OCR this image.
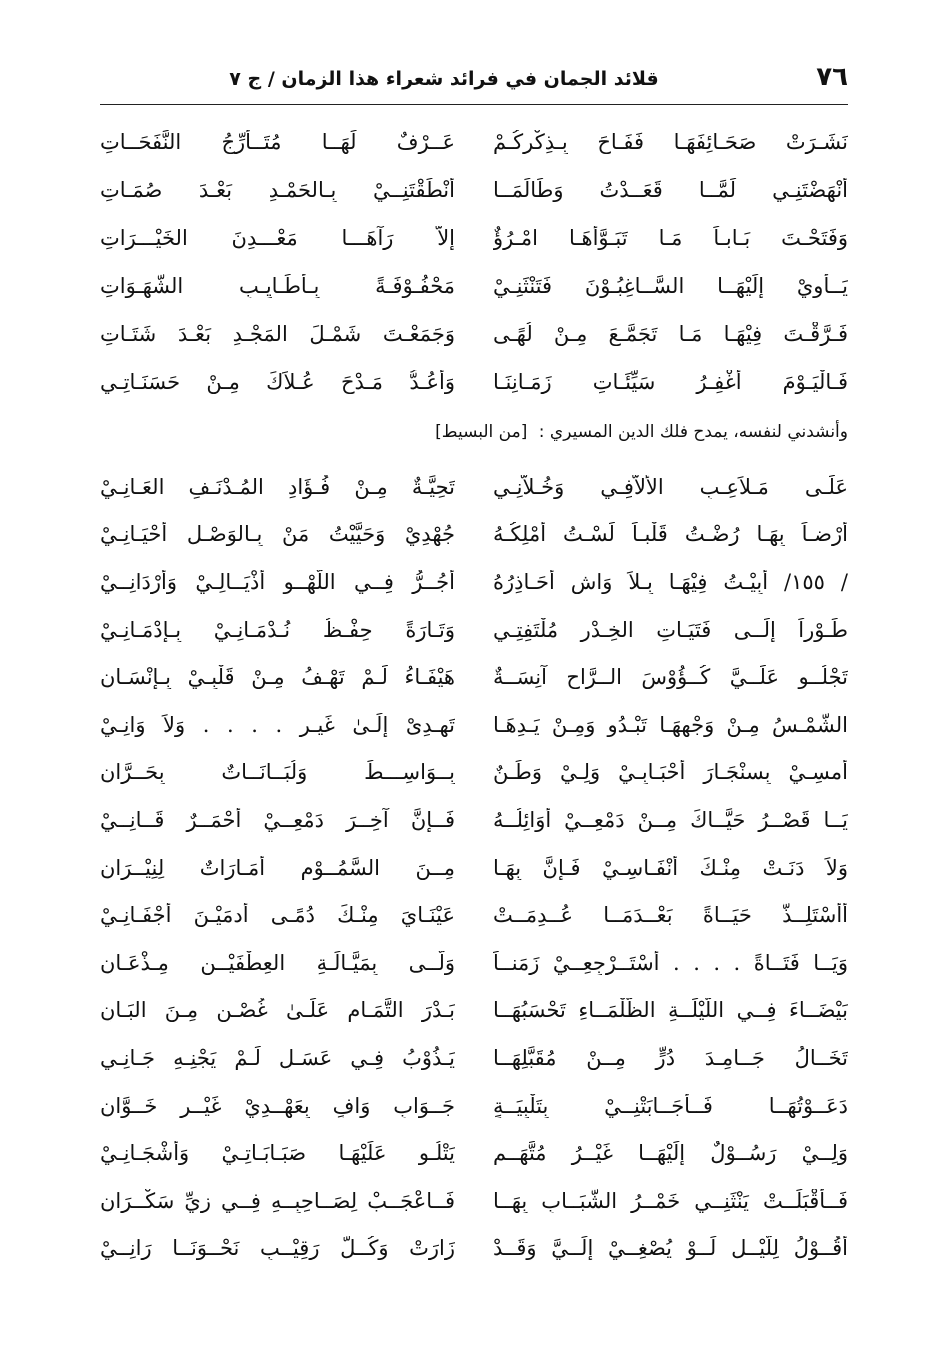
٧٦
قلائد الجمان في فرائد شعراء هذا الزمان / ج ٧
نَشَـرَتْ صَحَـائِفَهَـا فَفَـاحَ بِـذِكْرِكُـمْ
عَــرْفٌ لَهَــا مُتَــأَرِّجُ النَّفَحَــاتِ
أَنْهَضْتَنِـي لَمَّــا قَعَــدْتُ وَطَالَمَــا
أَنْطَقْتَنِــيْ بِـالحَمْـدِ بَعْـدَ صُمَـاتِ
وَفَتَحْـتَ بَـابـاً مَـا تَبَـوَّأَهَـا امْـرُؤٌ
إِلاَّ رَآهَـــا مَعْـــدِنَ الخَيْـــرَاتِ
يَــأوِيْ إِلَيْهَــا السَّــاغِبُـوْنَ فَتَنْثَنِـيْ
مَحْفُـوْفَـةً بِـأَطَـايِـبِ الشَّهَـوَاتِ
فَـرَّقْـتَ فِيْهَـا مَـا تَجَمَّـعَ مِـنْ لُهًـى
وَجَمَعْـتَ شَمْـلَ المَجْـدِ بَعْـدَ شَتَـاتِ
فَـالْيَـوْمَ أَغْفِـرُ سَيِّئَـاتِ زَمَـانِنَـا
وَأَعُـدُّ مَـدْحَ عُـلاَكَ مِـنْ حَسَنَـاتِـي
وأنشدني لنفسه، يمدح فلك الدين المسيري : [من البسيط]
عَلَـى مَـلاَعِـبِ الأُلاَّفِـي وَخُـلاَّنِـي
تَحِيَّـةٌ مِـنْ فُـؤَادِ المُـدْنَـفِ العَـانِـيْ
أَرْضـاً بِهَـا رُضْـتُ قَلْبـاً لَسْـتُ أَمْلِكُـهُ
جُهْدِيْ وَحَيَّيْتُ مَنْ بِـالوَصْـلِ أَحْيَـانِـيْ
/ ١٥٥/ أَبِيْـتُ فِيْهَـا بِـلاَ وَاشٍ أُحَـاذِرُهُ
أَجُــرُّ فِــي اللَّهْــوِ أَذْيَــالِـيْ وَأَرْدَانِــيْ
طَـوْراً إِلَــى فَتَيَـاتِ الخِـدْرِ مُلْتَفِتِـي
وَتَـارَةً حِفْـظُ نُـدْمَـانِـيْ بِـإِدْمَـانِـيْ
تَجْلُــو عَلَــيَّ كُــؤُوْسَ الــرَّاحِ آنِسَــةٌ
هَيْفَـاءُ لَـمْ تَهْـفُ مِـنْ قَلْبِـيْ بِـإِنْسَـانِ
الشَّمْـسُ مِـنْ وَجْهِهَـا تَبْـدُو وَمِـنْ يَـدِهَـا
تَهـدِىْ إِلَـىٰ غَيـرِ . . . . وَلاَ وَانِـيْ
أَمسِـيْ بِسنْجَـارَ أَحْبَـابِـيْ وَلِـيْ وَطَـنٌ
بِــوَاسِـــطَ وَلُبَــانَــاتٌ بِحَــرَّانِ
يَــا قَصْــرُ حَيَّــاكَ مِــنْ دَمْعِــيْ أَوَائِلُــهُ
فَــإِنَّ آخِــرَ دَمْعِــيْ أَحْمَــرٌ قَــانِــيْ
وَلاَ دَنَـتْ مِنْـكَ أَنْفَـاسِـيْ فَـإِنَّ بِهَـا
مِــنَ السَّمُــوْمِ أَمَـارَاتٌ لِنِيْــرَانِ
أَأَسْتَلِــذُّ حَيَــاةً بَعْــدَمَــا عُــدِمَــتْ
عَيْنَـايَ مِنْـكَ دُمًـى أَدمَيْـنَ أَجْفَـانِـيْ
وَيَــا فَتَــاةً . . . . أَسْتَــرْجِعِــيْ زَمَنــاً
وَلَّــى بِمَيَّـالَـةِ العِطْفَيْــنِ مِـذْعَـانِ
بَيْضَــاءَ فِــي اللَّيْلَــةِ الظَّلْمَــاءِ تَحْسَبُهَــا
بَـدْرَ التَّمَـامِ عَلَـىٰ غُصْـنٍ مِـنَ البَـانِ
تَخَــالُ جَــامِـدَ دُرٍّ مِــنْ مُقَبَّلِهَــا
يَـذُوْبُ فِـي عَسَـلٍ لَـمْ يَجْنِـهِ جَـانِـي
دَعَــوْتُهَــا فَــأَجَــابَتْنِــيْ بِتَلْبِيَــةٍ
جَــوَابِ وَافٍ بِعَهْــدِيْ غَيْــرِ خَــوَّانِ
وَلِــيْ رَسُــوْلٌ إِلَيْهَــا غَيْــرُ مُتَّهَــمٍ
يَتْلُـو عَلَيْهَـا صَبَـابَـاتِـيْ وَأَشْجَـانِـيْ
فَــأَقْبَلَــتْ يَنْثَنِــي خَمْــرُ الشَّبَــابِ بِهَــا
فَــاعْجَــبْ لِصَــاحِبِــهِ فِــي زِيِّ سَكْــرَانِ
أَقُــوْلُ لِلَّيْــلِ لَــوْ يُصْغِــيْ إِلَــيَّ وَقَــدْ
زَارَتْ وَكُــلُّ رَقِيْــبٍ نَحْــوَنَــا رَانِــيْ
